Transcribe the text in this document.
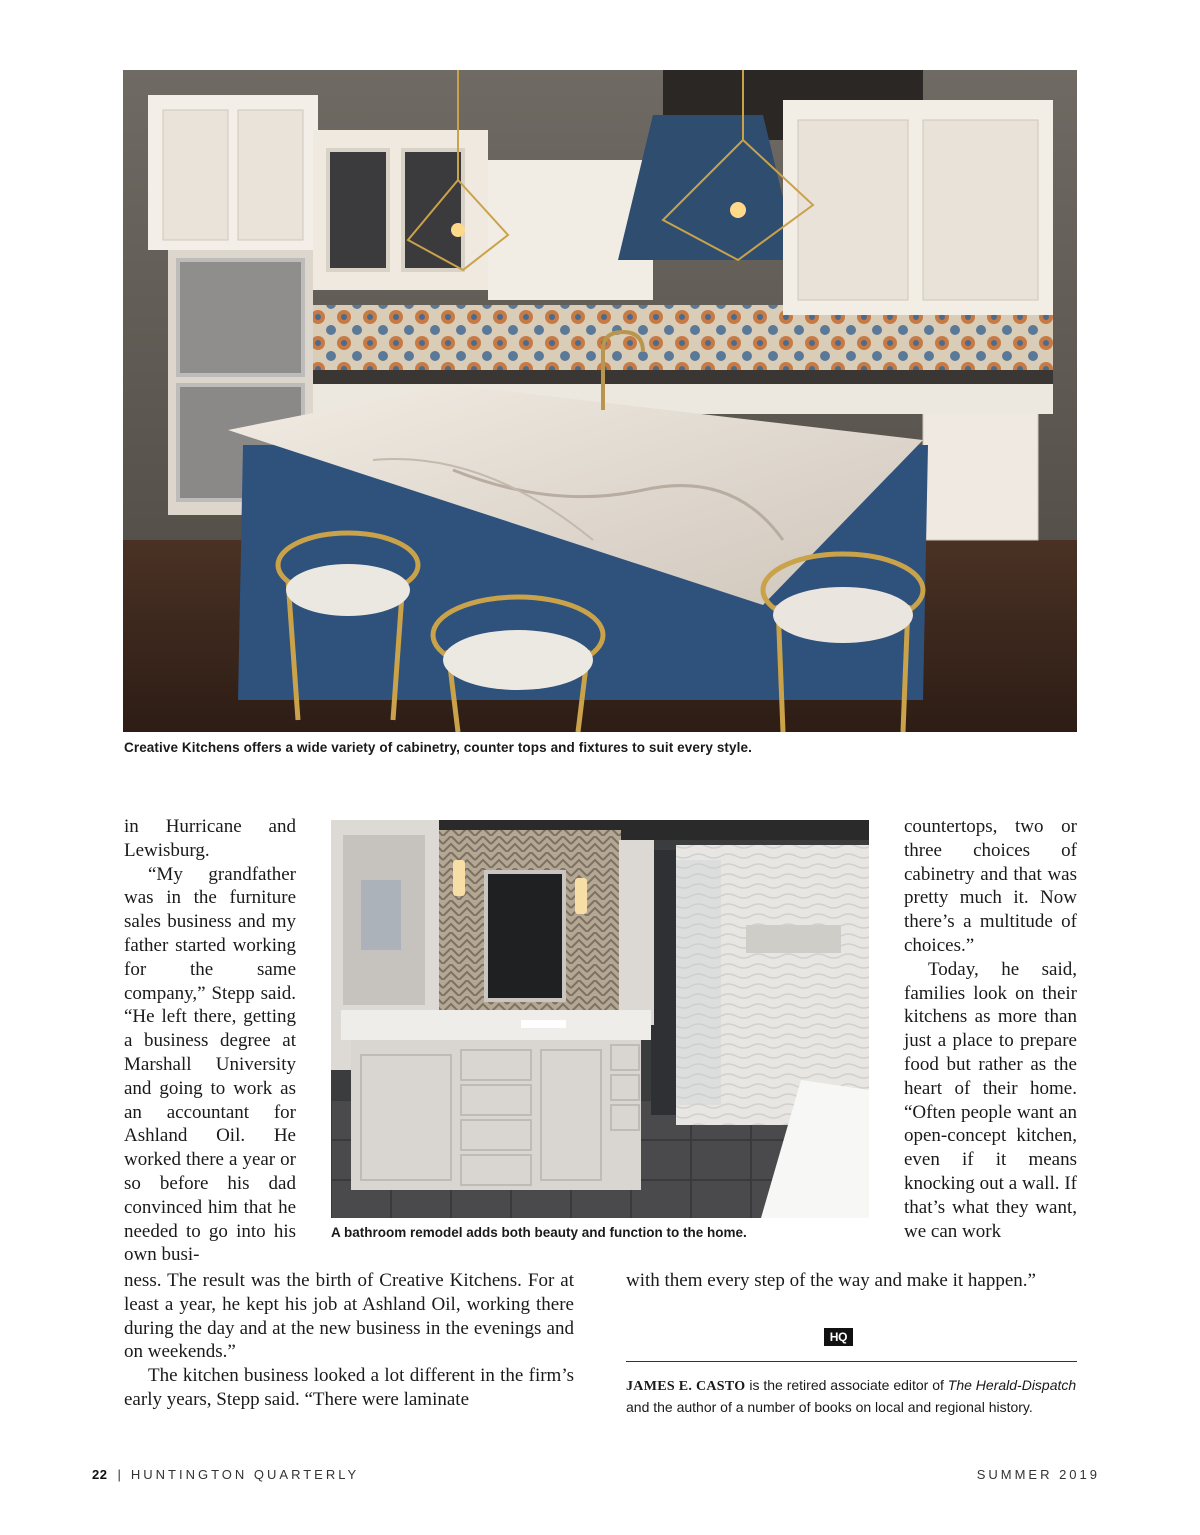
Creative Kitchens offers a wide variety of cabinetry, counter tops and fixtures to suit every style.
A bathroom remodel adds both beauty and function to the home.

in Hurricane and Lewisburg.

“My grandfather was in the furniture sales business and my father started working for the same company,” Stepp said. “He left there, getting a business degree at Marshall University and going to work as an accountant for Ashland Oil. He worked there a year or so before his dad convinced him that he needed to go into his own busi-

ness. The result was the birth of Creative Kitchens. For at least a year, he kept his job at Ashland Oil, working there during the day and at the new business in the evenings and on weekends.”

The kitchen business looked a lot different in the firm’s early years, Stepp said. “There were laminate

countertops, two or three choices of cabinetry and that was pretty much it. Now there’s a multitude of choices.”

Today, he said, families look on their kitchens as more than just a place to prepare food but rather as the heart of their home. “Often people want an open-concept kitchen, even if it means knocking out a wall. If that’s what they want, we can work

with them every step of the way and make it happen.”

HQ
JAMES E. CASTO is the retired associate editor of The Herald-Dispatch and the author of a number of books on local and regional history.
22 | HUNTINGTON QUARTERLY	SUMMER 2019
